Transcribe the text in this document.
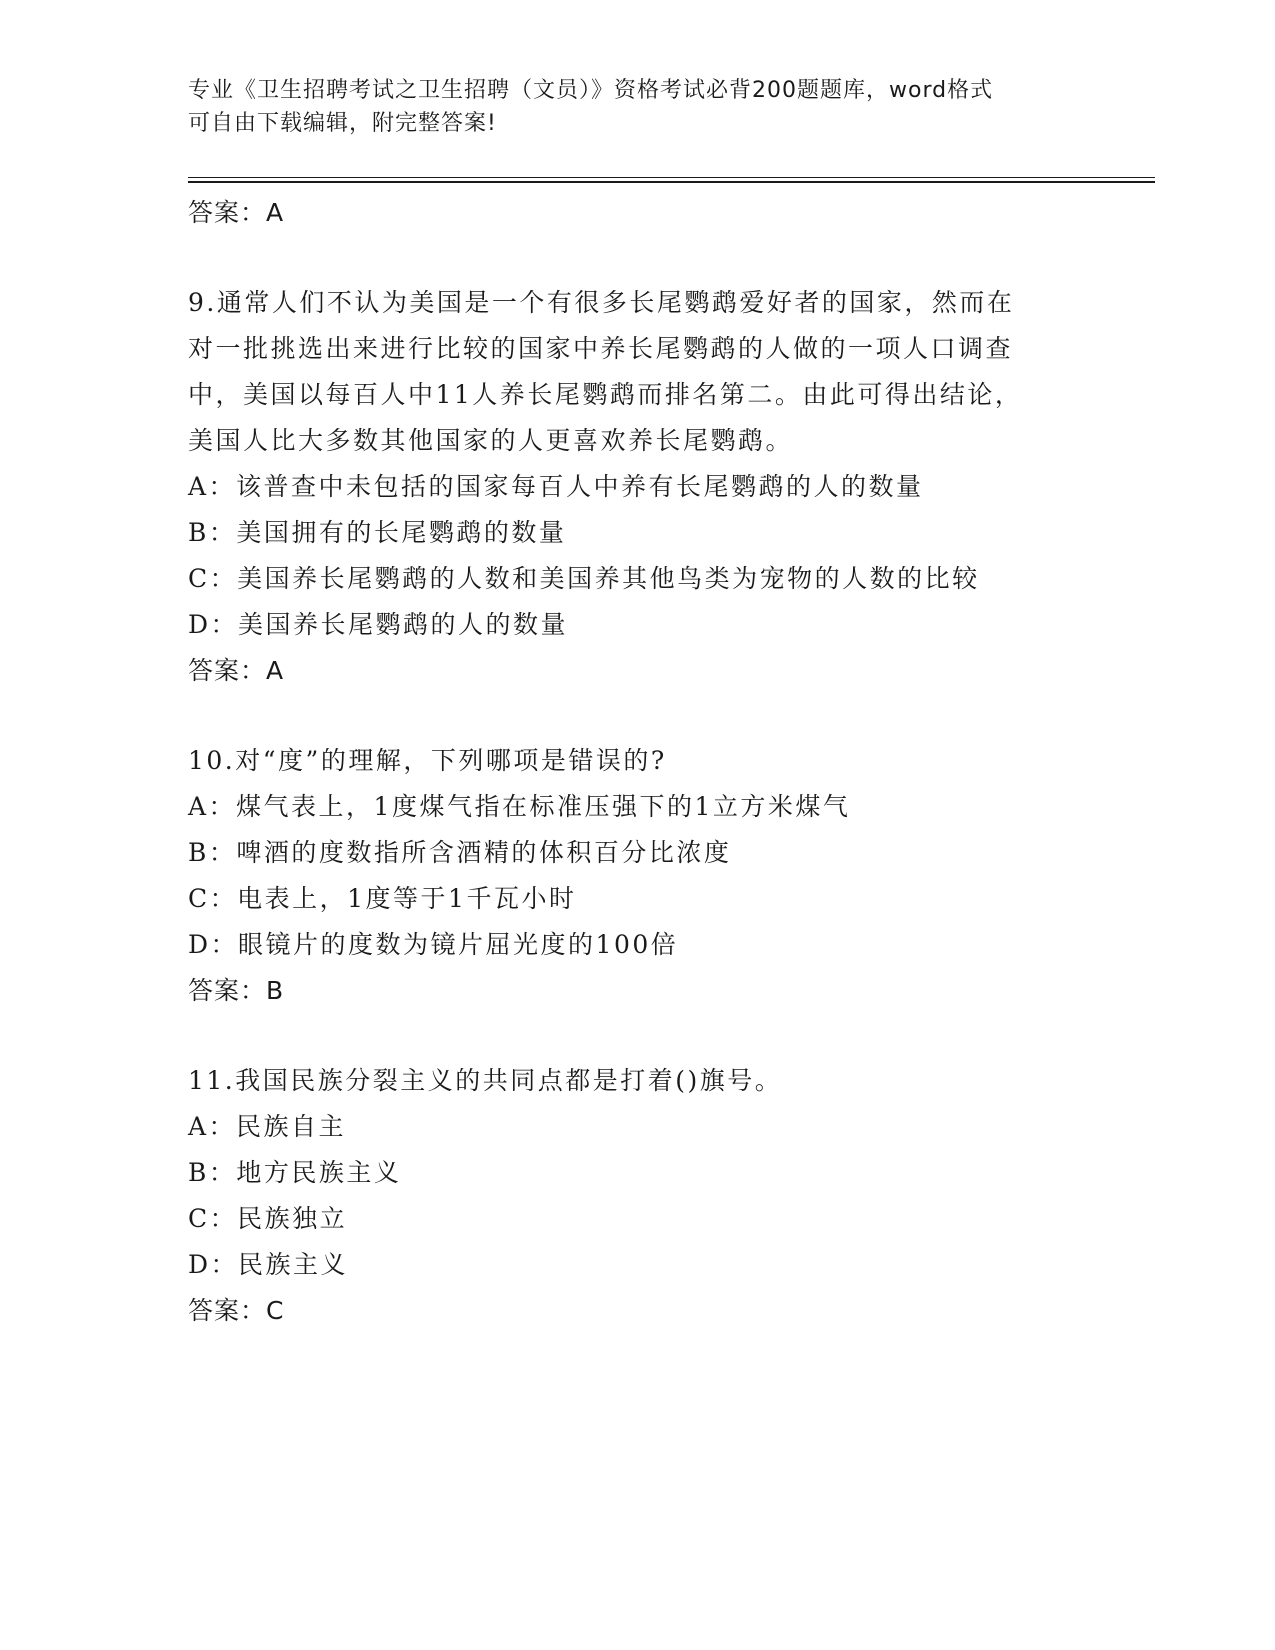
专业《卫生招聘考试之卫生招聘（文员）》资格考试必背200题题库，word格式
可自由下载编辑，附完整答案!
答案：A
9.通常人们不认为美国是一个有很多长尾鹦鹉爱好者的国家，然而在
对一批挑选出来进行比较的国家中养长尾鹦鹉的人做的一项人口调查
中，美国以每百人中11人养长尾鹦鹉而排名第二。由此可得出结论，
美国人比大多数其他国家的人更喜欢养长尾鹦鹉。
A：该普查中未包括的国家每百人中养有长尾鹦鹉的人的数量
B：美国拥有的长尾鹦鹉的数量
C：美国养长尾鹦鹉的人数和美国养其他鸟类为宠物的人数的比较
D：美国养长尾鹦鹉的人的数量
答案：A
10.对“度”的理解，下列哪项是错误的?
A：煤气表上，1度煤气指在标准压强下的1立方米煤气
B：啤酒的度数指所含酒精的体积百分比浓度
C：电表上，1度等于1千瓦小时
D：眼镜片的度数为镜片屈光度的100倍
答案：B
11.我国民族分裂主义的共同点都是打着()旗号。
A：民族自主
B：地方民族主义
C：民族独立
D：民族主义
答案：C
